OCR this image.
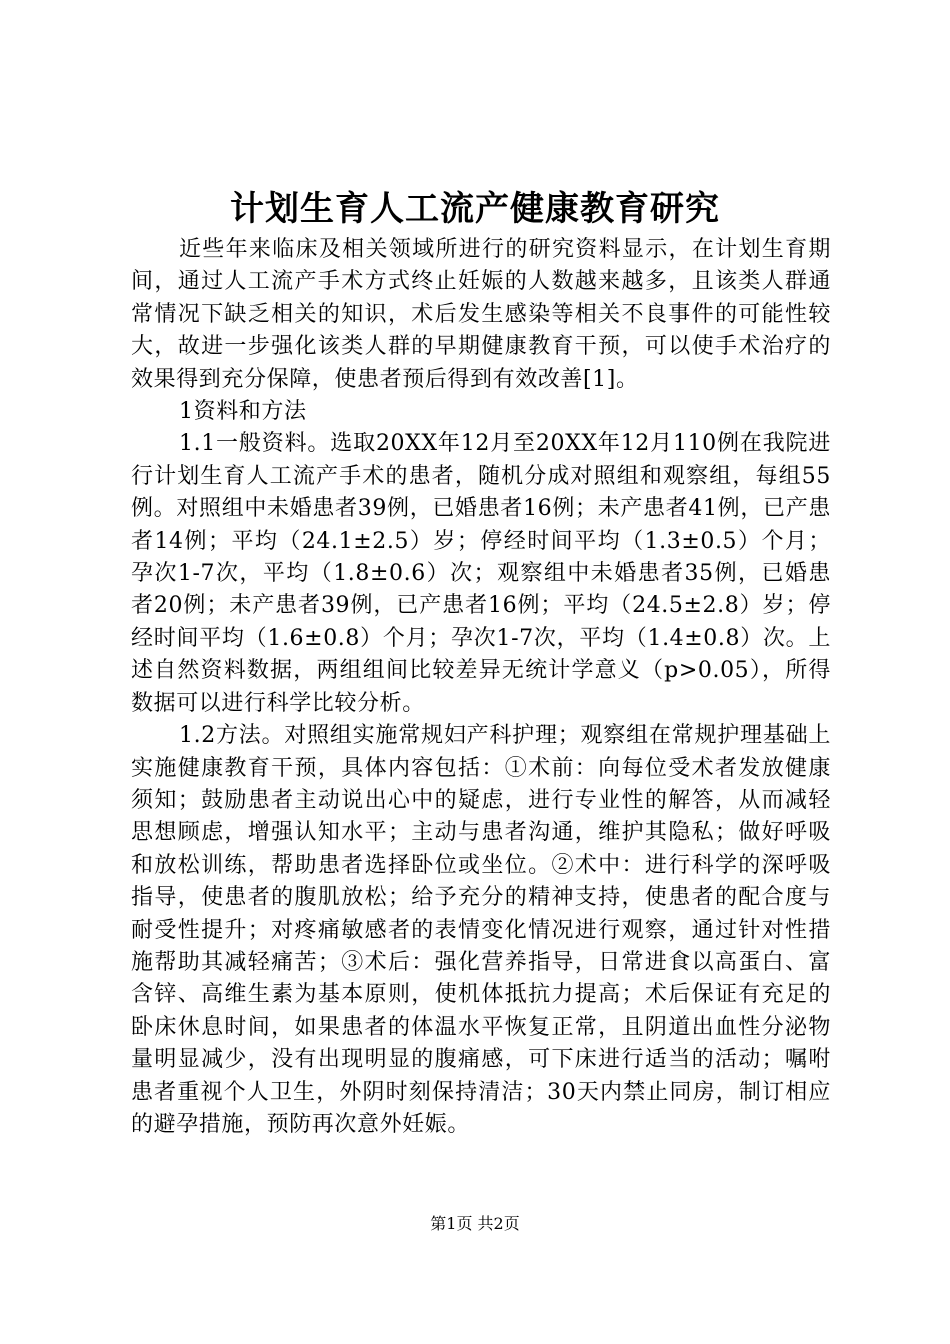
计划生育人工流产健康教育研究

近些年来临床及相关领域所进行的研究资料显示，在计划生育期间，通过人工流产手术方式终止妊娠的人数越来越多，且该类人群通常情况下缺乏相关的知识，术后发生感染等相关不良事件的可能性较大，故进一步强化该类人群的早期健康教育干预，可以使手术治疗的效果得到充分保障，使患者预后得到有效改善[1]。

1资料和方法

1.1一般资料。选取20XX年12月至20XX年12月110例在我院进行计划生育人工流产手术的患者，随机分成对照组和观察组，每组55例。对照组中未婚患者39例，已婚患者16例；未产患者41例，已产患者14例；平均（24.1±2.5）岁；停经时间平均（1.3±0.5）个月；孕次1-7次，平均（1.8±0.6）次；观察组中未婚患者35例，已婚患者20例；未产患者39例，已产患者16例；平均（24.5±2.8）岁；停经时间平均（1.6±0.8）个月；孕次1-7次，平均（1.4±0.8）次。上述自然资料数据，两组组间比较差异无统计学意义（p>0.05），所得数据可以进行科学比较分析。

1.2方法。对照组实施常规妇产科护理；观察组在常规护理基础上实施健康教育干预，具体内容包括：①术前：向每位受术者发放健康须知；鼓励患者主动说出心中的疑虑，进行专业性的解答，从而减轻思想顾虑，增强认知水平；主动与患者沟通，维护其隐私；做好呼吸和放松训练，帮助患者选择卧位或坐位。②术中：进行科学的深呼吸指导，使患者的腹肌放松；给予充分的精神支持，使患者的配合度与耐受性提升；对疼痛敏感者的表情变化情况进行观察，通过针对性措施帮助其减轻痛苦；③术后：强化营养指导，日常进食以高蛋白、富含锌、高维生素为基本原则，使机体抵抗力提高；术后保证有充足的卧床休息时间，如果患者的体温水平恢复正常，且阴道出血性分泌物量明显减少，没有出现明显的腹痛感，可下床进行适当的活动；嘱咐患者重视个人卫生，外阴时刻保持清洁；30天内禁止同房，制订相应的避孕措施，预防再次意外妊娠。

第1页 共2页
